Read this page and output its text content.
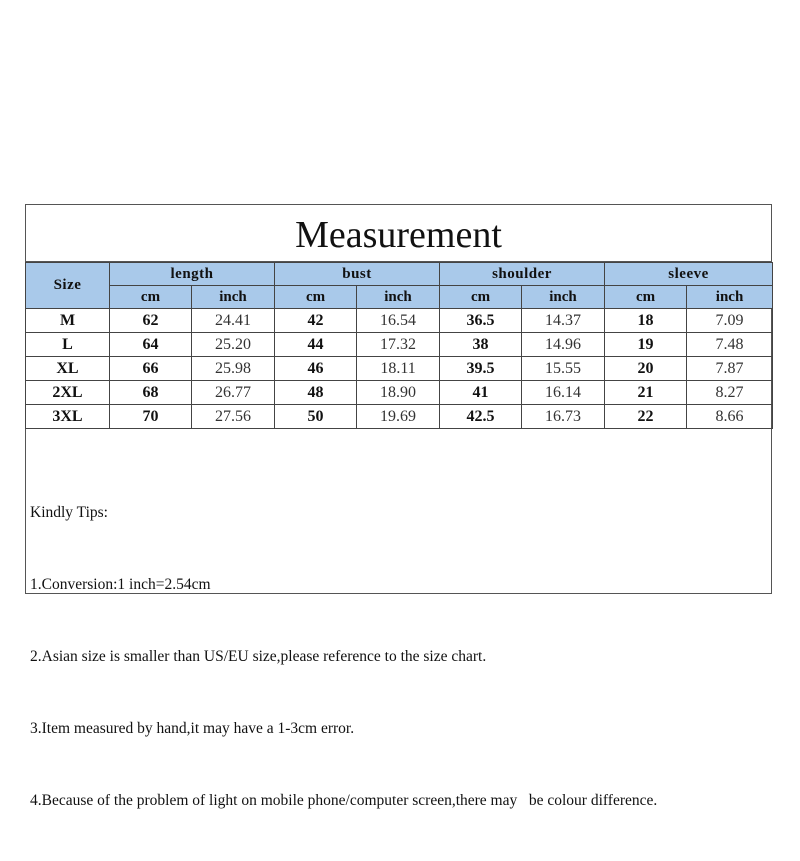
Measurement
Size	length		bust		shoulder		sleeve	
	cm	inch	cm	inch	cm	inch	cm	inch
M	62	24.41	42	16.54	36.5	14.37	18	7.09
L	64	25.20	44	17.32	38	14.96	19	7.48
XL	66	25.98	46	18.11	39.5	15.55	20	7.87
2XL	68	26.77	48	18.90	41	16.14	21	8.27
3XL	70	27.56	50	19.69	42.5	16.73	22	8.66

Kindly Tips:

1.Conversion:1 inch=2.54cm

2.Asian size is smaller than US/EU size,please reference to the size chart.

3.Item measured by hand,it may have a 1-3cm error.

4.Because of the problem of light on mobile phone/computer screen,there may   be colour difference.
